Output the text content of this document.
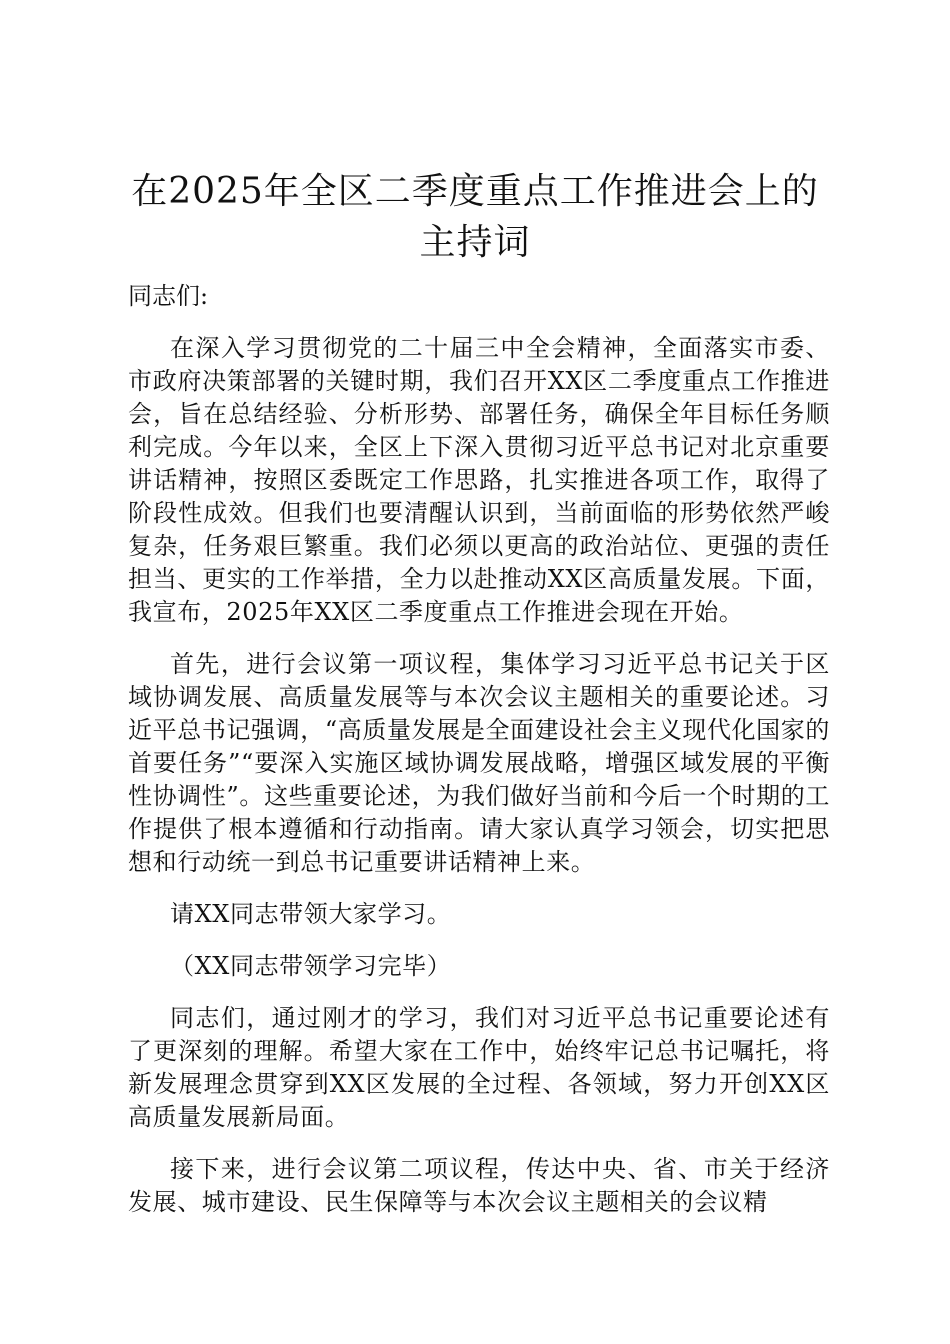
在2025年全区二季度重点工作推进会上的主持词

同志们:

在深入学习贯彻党的二十届三中全会精神，全面落实市委、市政府决策部署的关键时期，我们召开XX区二季度重点工作推进会，旨在总结经验、分析形势、部署任务，确保全年目标任务顺利完成。今年以来，全区上下深入贯彻习近平总书记对北京重要讲话精神，按照区委既定工作思路，扎实推进各项工作，取得了阶段性成效。但我们也要清醒认识到，当前面临的形势依然严峻复杂，任务艰巨繁重。我们必须以更高的政治站位、更强的责任担当、更实的工作举措，全力以赴推动XX区高质量发展。下面，我宣布，2025年XX区二季度重点工作推进会现在开始。

首先，进行会议第一项议程，集体学习习近平总书记关于区域协调发展、高质量发展等与本次会议主题相关的重要论述。习近平总书记强调，“高质量发展是全面建设社会主义现代化国家的首要任务”“要深入实施区域协调发展战略，增强区域发展的平衡性协调性”。这些重要论述，为我们做好当前和今后一个时期的工作提供了根本遵循和行动指南。请大家认真学习领会，切实把思想和行动统一到总书记重要讲话精神上来。

请XX同志带领大家学习。

（XX同志带领学习完毕）

同志们，通过刚才的学习，我们对习近平总书记重要论述有了更深刻的理解。希望大家在工作中，始终牢记总书记嘱托，将新发展理念贯穿到XX区发展的全过程、各领域，努力开创XX区高质量发展新局面。

接下来，进行会议第二项议程，传达中央、省、市关于经济发展、城市建设、民生保障等与本次会议主题相关的会议精
